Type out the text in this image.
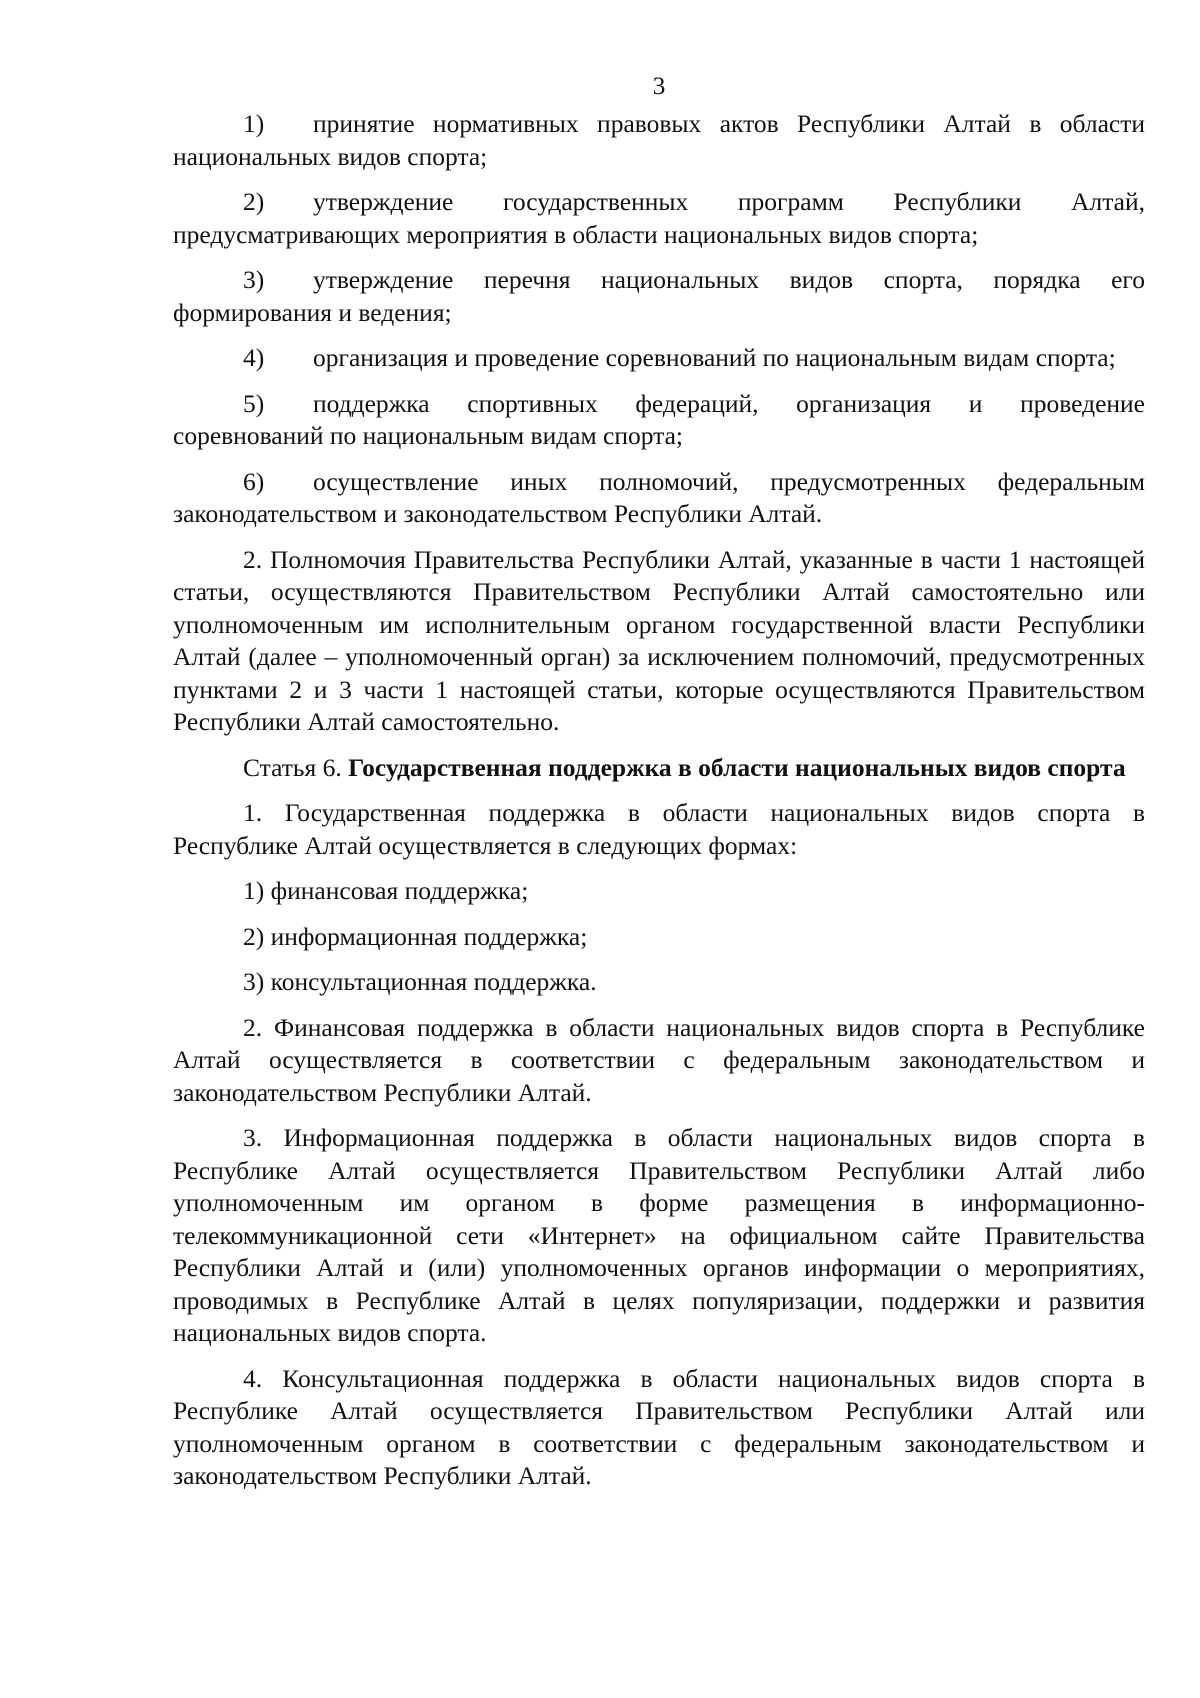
3

1) принятие нормативных правовых актов Республики Алтай в области национальных видов спорта;

2) утверждение государственных программ Республики Алтай, предусматривающих мероприятия в области национальных видов спорта;

3) утверждение перечня национальных видов спорта, порядка его формирования и ведения;

4) организация и проведение соревнований по национальным видам спорта;

5) поддержка спортивных федераций, организация и проведение соревнований по национальным видам спорта;

6) осуществление иных полномочий, предусмотренных федеральным законодательством и законодательством Республики Алтай.

2. Полномочия Правительства Республики Алтай, указанные в части 1 настоящей статьи, осуществляются Правительством Республики Алтай самостоятельно или уполномоченным им исполнительным органом государственной власти Республики Алтай (далее – уполномоченный орган) за исключением полномочий, предусмотренных пунктами 2 и 3 части 1 настоящей статьи, которые осуществляются Правительством Республики Алтай самостоятельно.

Статья 6. Государственная поддержка в области национальных видов спорта

1. Государственная поддержка в области национальных видов спорта в Республике Алтай осуществляется в следующих формах:

1) финансовая поддержка;

2) информационная поддержка;

3) консультационная поддержка.

2. Финансовая поддержка в области национальных видов спорта в Республике Алтай осуществляется в соответствии с федеральным законодательством и законодательством Республики Алтай.

3. Информационная поддержка в области национальных видов спорта в Республике Алтай осуществляется Правительством Республики Алтай либо уполномоченным им органом в форме размещения в информационно-телекоммуникационной сети «Интернет» на официальном сайте Правительства Республики Алтай и (или) уполномоченных органов информации о мероприятиях, проводимых в Республике Алтай в целях популяризации, поддержки и развития национальных видов спорта.

4. Консультационная поддержка в области национальных видов спорта в Республике Алтай осуществляется Правительством Республики Алтай или уполномоченным органом в соответствии с федеральным законодательством и законодательством Республики Алтай.
